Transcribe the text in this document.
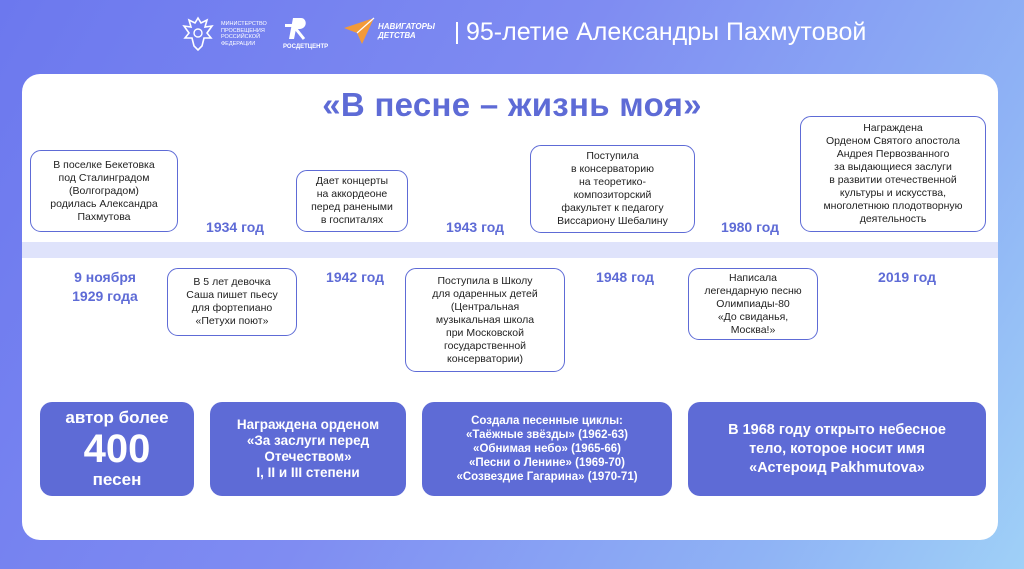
МИНИСТЕРСТВО
ПРОСВЕЩЕНИЯ
РОССИЙСКОЙ
ФЕДЕРАЦИИ
РОСДЕТЦЕНТР
НАВИГАТОРЫ
ДЕТСТВА	95-летие Александры Пахмутовой
«В песне – жизнь моя»
В поселке Бекетовка
под Сталинградом
(Волгоградом)
родилась Александра
Пахмутова
9 ноября
1929 года
1934 год
В 5 лет девочка
Саша пишет пьесу
для фортепиано
«Петухи поют»
Дает концерты
на аккордеоне
перед ранеными
в госпиталях
1942 год
1943 год
Поступила в Школу
для одаренных детей
(Центральная
музыкальная школа
при Московской
государственной
консерватории)
Поступила
в консерваторию
на теоретико-
композиторский
факультет к педагогу
Виссариону Шебалину
1948 год
1980 год
Написала
легендарную песню
Олимпиады-80
«До свиданья,
Москва!»
Награждена
Орденом Святого апостола
Андрея Первозванного
за выдающиеся заслуги
в развитии отечественной
культуры и искусства,
многолетнюю плодотворную
деятельность
2019 год
автор более
400
песен
Награждена орденом
«За заслуги перед
Отечеством»
I, II и III степени
Создала песенные циклы:
«Таёжные звёзды» (1962-63)
«Обнимая небо» (1965-66)
«Песни о Ленине» (1969-70)
«Созвездие Гагарина» (1970-71)
В 1968 году открыто небесное
тело, которое носит имя
«Астероид Pakhmutova»
